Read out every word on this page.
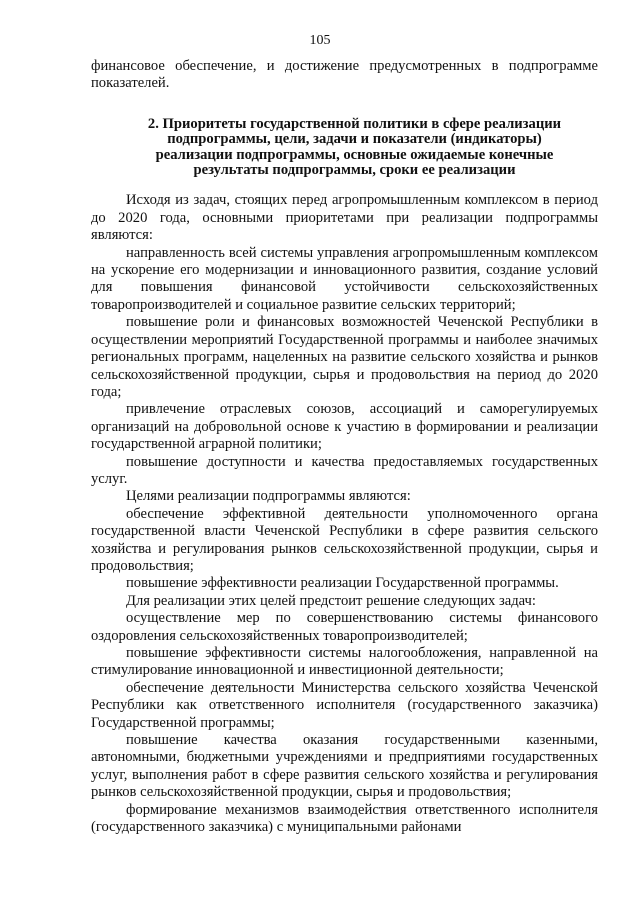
105

финансовое обеспечение, и достижение предусмотренных в подпрограмме показателей.

2. Приоритеты государственной политики в сфере реализации
подпрограммы, цели, задачи и показатели (индикаторы)
реализации подпрограммы, основные ожидаемые конечные
результаты подпрограммы, сроки ее реализации

Исходя из задач, стоящих перед агропромышленным комплексом в период до 2020 года, основными приоритетами при реализации подпрограммы являются:

направленность всей системы управления агропромышленным комплексом на ускорение его модернизации и инновационного развития, создание условий для повышения финансовой устойчивости сельскохозяйственных товаропроизводителей и социальное развитие сельских территорий;

повышение роли и финансовых возможностей Чеченской Республики в осуществлении мероприятий Государственной программы и наиболее значимых региональных программ, нацеленных на развитие сельского хозяйства и рынков сельскохозяйственной продукции, сырья и продовольствия на период до 2020 года;

привлечение отраслевых союзов, ассоциаций и саморегулируемых организаций на добровольной основе к участию в формировании и реализации государственной аграрной политики;

повышение доступности и качества предоставляемых государственных услуг.

Целями реализации подпрограммы являются:

обеспечение эффективной деятельности уполномоченного органа государственной власти Чеченской Республики в сфере развития сельского хозяйства и регулирования рынков сельскохозяйственной продукции, сырья и продовольствия;

повышение эффективности реализации Государственной программы.

Для реализации этих целей предстоит решение следующих задач:

осуществление мер по совершенствованию системы финансового оздоровления сельскохозяйственных товаропроизводителей;

повышение эффективности системы налогообложения, направленной на стимулирование инновационной и инвестиционной деятельности;

обеспечение деятельности Министерства сельского хозяйства Чеченской Республики как ответственного исполнителя (государственного заказчика) Государственной программы;

повышение качества оказания государственными казенными, автономными, бюджетными учреждениями и предприятиями государственных услуг, выполнения работ в сфере развития сельского хозяйства и регулирования рынков сельскохозяйственной продукции, сырья и продовольствия;

формирование механизмов взаимодействия ответственного исполнителя (государственного заказчика) с муниципальными районами
